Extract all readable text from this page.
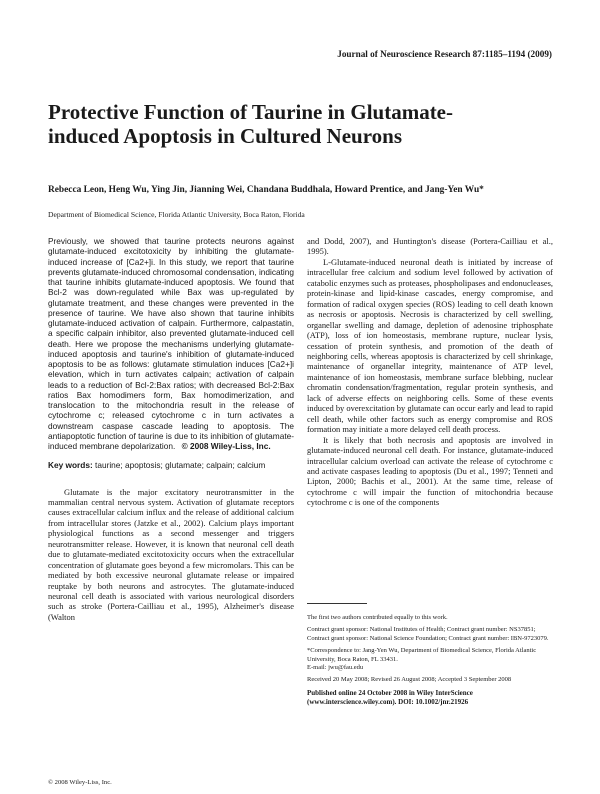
Journal of Neuroscience Research 87:1185–1194 (2009)
Protective Function of Taurine in Glutamate-induced Apoptosis in Cultured Neurons
Rebecca Leon, Heng Wu, Ying Jin, Jianning Wei, Chandana Buddhala, Howard Prentice, and Jang-Yen Wu*
Department of Biomedical Science, Florida Atlantic University, Boca Raton, Florida

Previously, we showed that taurine protects neurons against glutamate-induced excitotoxicity by inhibiting the glutamate-induced increase of [Ca2+]i. In this study, we report that taurine prevents glutamate-induced chromosomal condensation, indicating that taurine inhibits glutamate-induced apoptosis. We found that Bcl-2 was down-regulated while Bax was up-regulated by glutamate treatment, and these changes were prevented in the presence of taurine. We have also shown that taurine inhibits glutamate-induced activation of calpain. Furthermore, calpastatin, a specific calpain inhibitor, also prevented glutamate-induced cell death. Here we propose the mechanisms underlying glutamate-induced apoptosis and taurine's inhibition of glutamate-induced apoptosis to be as follows: glutamate stimulation induces [Ca2+]i elevation, which in turn activates calpain; activation of calpain leads to a reduction of Bcl-2:Bax ratios; with decreased Bcl-2:Bax ratios Bax homodimers form, Bax homodimerization, and translocation to the mitochondria result in the release of cytochrome c; released cytochrome c in turn activates a downstream caspase cascade leading to apoptosis. The antiapoptotic function of taurine is due to its inhibition of glutamate-induced membrane depolarization. © 2008 Wiley-Liss, Inc.

Key words: taurine; apoptosis; glutamate; calpain; calcium

Glutamate is the major excitatory neurotransmitter in the mammalian central nervous system. Activation of glutamate receptors causes extracellular calcium influx and the release of additional calcium from intracellular stores (Jatzke et al., 2002). Calcium plays important physiological functions as a second messenger and triggers neurotransmitter release. However, it is known that neuronal cell death due to glutamate-mediated excitotoxicity occurs when the extracellular concentration of glutamate goes beyond a few micromolars. This can be mediated by both excessive neuronal glutamate release or impaired reuptake by both neurons and astrocytes. The glutamate-induced neuronal cell death is associated with various neurological disorders such as stroke (Portera-Cailliau et al., 1995), Alzheimer's disease (Walton

and Dodd, 2007), and Huntington's disease (Portera-Cailliau et al., 1995).

L-Glutamate-induced neuronal death is initiated by increase of intracellular free calcium and sodium level followed by activation of catabolic enzymes such as proteases, phospholipases and endonucleases, protein-kinase and lipid-kinase cascades, energy compromise, and formation of radical oxygen species (ROS) leading to cell death known as necrosis or apoptosis. Necrosis is characterized by cell swelling, organellar swelling and damage, depletion of adenosine triphosphate (ATP), loss of ion homeostasis, membrane rupture, nuclear lysis, cessation of protein synthesis, and promotion of the death of neighboring cells, whereas apoptosis is characterized by cell shrinkage, maintenance of organellar integrity, maintenance of ATP level, maintenance of ion homeostasis, membrane surface blebbing, nuclear chromatin condensation/fragmentation, regular protein synthesis, and lack of adverse effects on neighboring cells. Some of these events induced by overexcitation by glutamate can occur early and lead to rapid cell death, while other factors such as energy compromise and ROS formation may initiate a more delayed cell death process.

It is likely that both necrosis and apoptosis are involved in glutamate-induced neuronal cell death. For instance, glutamate-induced intracellular calcium overload can activate the release of cytochrome c and activate caspases leading to apoptosis (Du et al., 1997; Tenneti and Lipton, 2000; Bachis et al., 2001). At the same time, release of cytochrome c will impair the function of mitochondria because cytochrome c is one of the components

The first two authors contributed equally to this work.

Contract grant sponsor: National Institutes of Health; Contract grant number: NS37851; Contract grant sponsor: National Science Foundation; Contract grant number: IBN-9723079.

*Correspondence to: Jang-Yen Wu, Department of Biomedical Science, Florida Atlantic University, Boca Raton, FL 33431.

E-mail: jwu@fau.edu

Received 20 May 2008; Revised 26 August 2008; Accepted 3 September 2008

Published online 24 October 2008 in Wiley InterScience (www.interscience.wiley.com). DOI: 10.1002/jnr.21926

© 2008 Wiley-Liss, Inc.
